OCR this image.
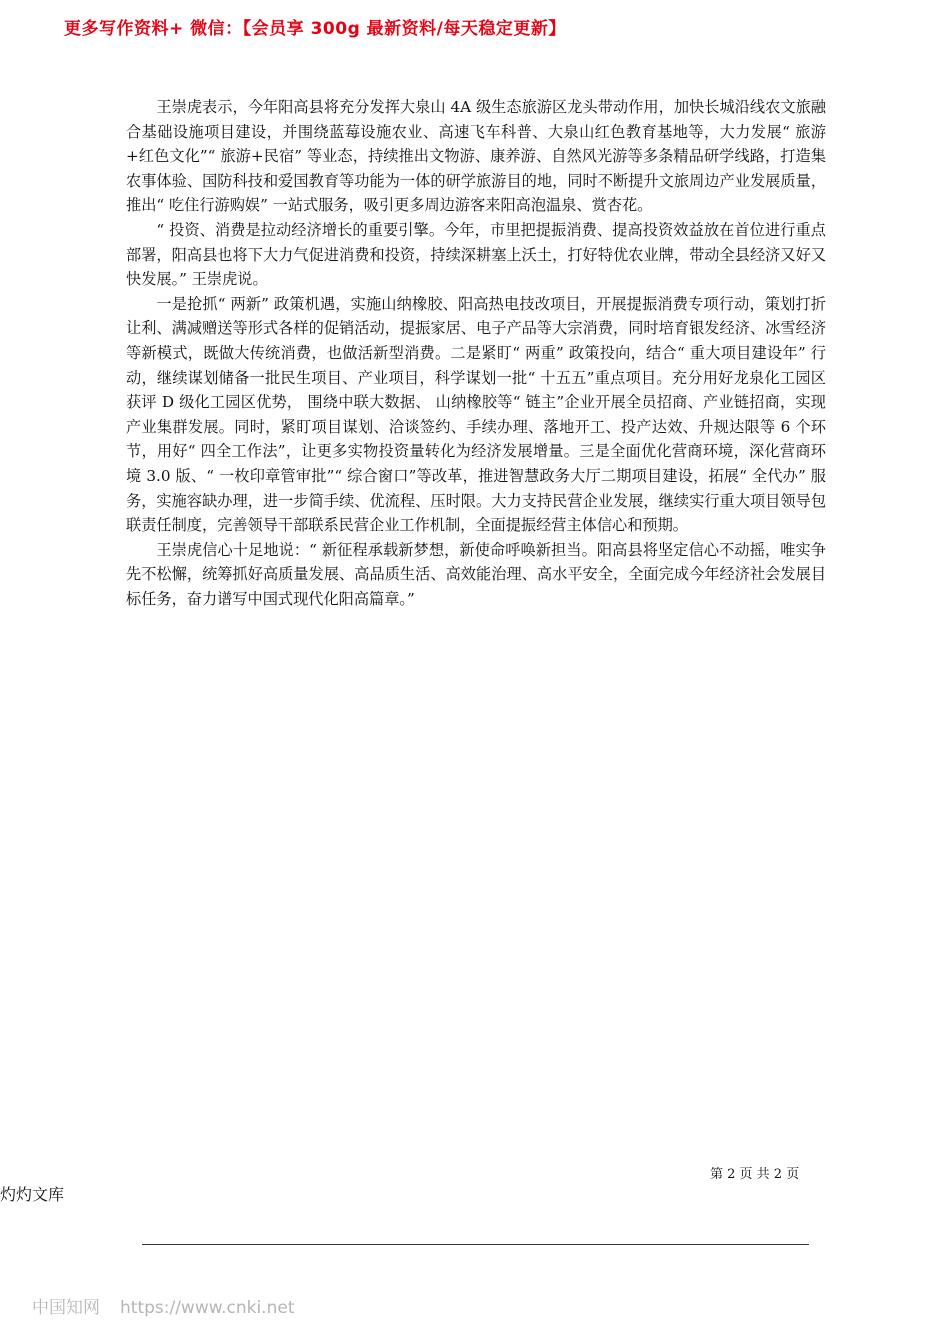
更多写作资料+ 微信：【会员享 300g 最新资料/每天稳定更新】

王崇虎表示，今年阳高县将充分发挥大泉山 4A 级生态旅游区龙头带动作用，加快长城沿线农文旅融合基础设施项目建设，并围绕蓝莓设施农业、高速飞车科普、大泉山红色教育基地等，大力发展“ 旅游+红色文化”“ 旅游+民宿” 等业态，持续推出文物游、康养游、自然风光游等多条精品研学线路，打造集农事体验、国防科技和爱国教育等功能为一体的研学旅游目的地，同时不断提升文旅周边产业发展质量，推出“ 吃住行游购娱” 一站式服务，吸引更多周边游客来阳高泡温泉、赏杏花。

“ 投资、消费是拉动经济增长的重要引擎。今年，市里把提振消费、提高投资效益放在首位进行重点部署，阳高县也将下大力气促进消费和投资，持续深耕塞上沃土，打好特优农业牌，带动全县经济又好又快发展。” 王崇虎说。

一是抢抓“ 两新” 政策机遇，实施山纳橡胶、阳高热电技改项目，开展提振消费专项行动，策划打折让利、满减赠送等形式各样的促销活动，提振家居、电子产品等大宗消费，同时培育银发经济、冰雪经济等新模式，既做大传统消费，也做活新型消费。二是紧盯“ 两重” 政策投向，结合“ 重大项目建设年” 行动，继续谋划储备一批民生项目、产业项目，科学谋划一批“ 十五五”重点项目。充分用好龙泉化工园区获评 D 级化工园区优势， 围绕中联大数据、 山纳橡胶等“ 链主”企业开展全员招商、产业链招商，实现产业集群发展。同时，紧盯项目谋划、洽谈签约、手续办理、落地开工、投产达效、升规达限等 6 个环节，用好“ 四全工作法”，让更多实物投资量转化为经济发展增量。三是全面优化营商环境，深化营商环境 3.0 版、“ 一枚印章管审批”“ 综合窗口”等改革，推进智慧政务大厅二期项目建设，拓展“ 全代办” 服务，实施容缺办理，进一步简手续、优流程、压时限。大力支持民营企业发展，继续实行重大项目领导包联责任制度，完善领导干部联系民营企业工作机制，全面提振经营主体信心和预期。

王崇虎信心十足地说：“ 新征程承载新梦想，新使命呼唤新担当。阳高县将坚定信心不动摇，唯实争先不松懈，统筹抓好高质量发展、高品质生活、高效能治理、高水平安全，全面完成今年经济社会发展目标任务，奋力谱写中国式现代化阳高篇章。”

第 2 页 共 2 页
灼灼文库
中国知网 https://www.cnki.net
